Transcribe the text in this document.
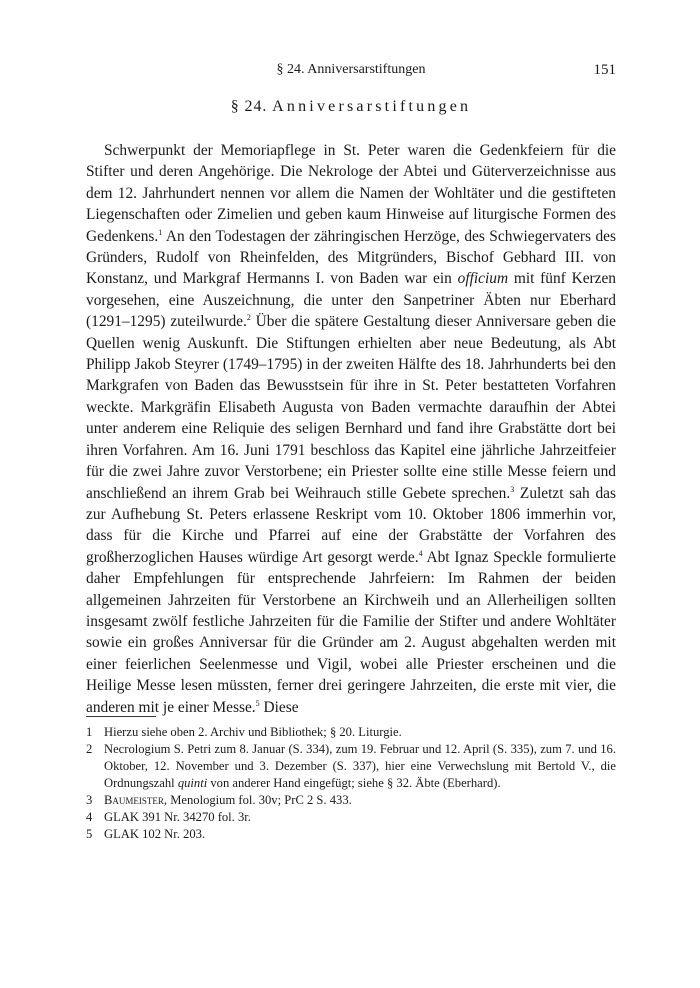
§ 24. Anniversarstiftungen	151
§ 24. Anniversarstiftungen

Schwerpunkt der Memoriapflege in St. Peter waren die Gedenkfeiern für die Stifter und deren Angehörige. Die Nekrologe der Abtei und Güterverzeichnisse aus dem 12. Jahrhundert nennen vor allem die Namen der Wohltäter und die gestifteten Liegenschaften oder Zimelien und geben kaum Hinweise auf liturgische Formen des Gedenkens.$^1$ An den Todestagen der zähringischen Herzöge, des Schwiegervaters des Gründers, Rudolf von Rheinfelden, des Mitgründers, Bischof Gebhard III. von Konstanz, und Markgraf Hermanns I. von Baden war ein officium mit fünf Kerzen vorgesehen, eine Auszeichnung, die unter den Sanpetriner Äbten nur Eberhard (1291–1295) zuteilwurde.$^2$ Über die spätere Gestaltung dieser Anniversare geben die Quellen wenig Auskunft. Die Stiftungen erhielten aber neue Bedeutung, als Abt Philipp Jakob Steyrer (1749–1795) in der zweiten Hälfte des 18. Jahrhunderts bei den Markgrafen von Baden das Bewusstsein für ihre in St. Peter bestatteten Vorfahren weckte. Markgräfin Elisabeth Augusta von Baden vermachte daraufhin der Abtei unter anderem eine Reliquie des seligen Bernhard und fand ihre Grabstätte dort bei ihren Vorfahren. Am 16. Juni 1791 beschloss das Kapitel eine jährliche Jahrzeitfeier für die zwei Jahre zuvor Verstorbene; ein Priester sollte eine stille Messe feiern und anschließend an ihrem Grab bei Weihrauch stille Gebete sprechen.$^3$ Zuletzt sah das zur Aufhebung St. Peters erlassene Reskript vom 10. Oktober 1806 immerhin vor, dass für die Kirche und Pfarrei auf eine der Grabstätte der Vorfahren des großherzoglichen Hauses würdige Art gesorgt werde.$^4$ Abt Ignaz Speckle formulierte daher Empfehlungen für entsprechende Jahrfeiern: Im Rahmen der beiden allgemeinen Jahrzeiten für Verstorbene an Kirchweih und an Allerheiligen sollten insgesamt zwölf festliche Jahrzeiten für die Familie der Stifter und andere Wohltäter sowie ein großes Anniversar für die Gründer am 2. August abgehalten werden mit einer feierlichen Seelenmesse und Vigil, wobei alle Priester erscheinen und die Heilige Messe lesen müssten, ferner drei geringere Jahrzeiten, die erste mit vier, die anderen mit je einer Messe.$^5$ Diese

1 Hierzu siehe oben 2. Archiv und Bibliothek; § 20. Liturgie.
2 Necrologium S. Petri zum 8. Januar (S. 334), zum 19. Februar und 12. April (S. 335), zum 7. und 16. Oktober, 12. November und 3. Dezember (S. 337), hier eine Verwechslung mit Bertold V., die Ordnungszahl quinti von anderer Hand eingefügt; siehe § 32. Äbte (Eberhard).
3 Baumeister, Menologium fol. 30v; PrC 2 S. 433.
4 GLAK 391 Nr. 34270 fol. 3r.
5 GLAK 102 Nr. 203.
